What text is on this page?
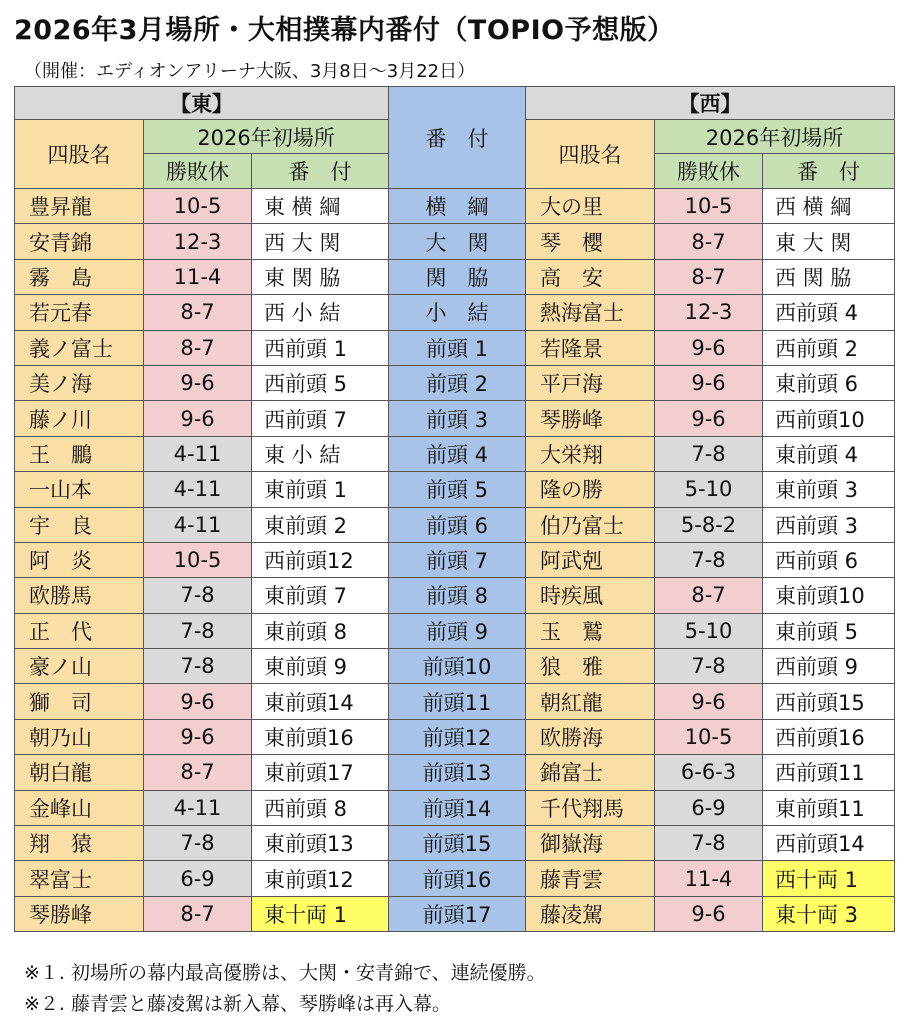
2026年3月場所・大相撲幕内番付（TOPIO予想版）
（開催：エディオンアリーナ大阪、3月8日〜3月22日）
【東】			番　付	【西】		
四股名	2026年初場所			四股名	2026年初場所	
	勝敗休	番　付			勝敗休	番　付
豊昇龍	10-5	東 横 綱	横　綱	大の里	10-5	西 横 綱
安青錦	12-3	西 大 関	大　関	琴　櫻	8-7	東 大 関
霧　島	11-4	東 関 脇	関　脇	高　安	8-7	西 関 脇
若元春	8-7	西 小 結	小　結	熱海富士	12-3	西前頭 4
義ノ富士	8-7	西前頭 1	前頭 1	若隆景	9-6	西前頭 2
美ノ海	9-6	西前頭 5	前頭 2	平戸海	9-6	東前頭 6
藤ノ川	9-6	西前頭 7	前頭 3	琴勝峰	9-6	西前頭10
王　鵬	4-11	東 小 結	前頭 4	大栄翔	7-8	東前頭 4
一山本	4-11	東前頭 1	前頭 5	隆の勝	5-10	東前頭 3
宇　良	4-11	東前頭 2	前頭 6	伯乃富士	5-8-2	西前頭 3
阿　炎	10-5	西前頭12	前頭 7	阿武剋	7-8	西前頭 6
欧勝馬	7-8	東前頭 7	前頭 8	時疾風	8-7	東前頭10
正　代	7-8	東前頭 8	前頭 9	玉　鷲	5-10	東前頭 5
豪ノ山	7-8	東前頭 9	前頭10	狼　雅	7-8	西前頭 9
獅　司	9-6	東前頭14	前頭11	朝紅龍	9-6	西前頭15
朝乃山	9-6	東前頭16	前頭12	欧勝海	10-5	西前頭16
朝白龍	8-7	東前頭17	前頭13	錦富士	6-6-3	西前頭11
金峰山	4-11	西前頭 8	前頭14	千代翔馬	6-9	東前頭11
翔　猿	7-8	東前頭13	前頭15	御嶽海	7-8	西前頭14
翠富士	6-9	東前頭12	前頭16	藤青雲	11-4	西十両 1
琴勝峰	8-7	東十両 1	前頭17	藤凌駕	9-6	東十両 3
※１. 初場所の幕内最高優勝は、大関・安青錦で、連続優勝。
※２. 藤青雲と藤凌駕は新入幕、琴勝峰は再入幕。
